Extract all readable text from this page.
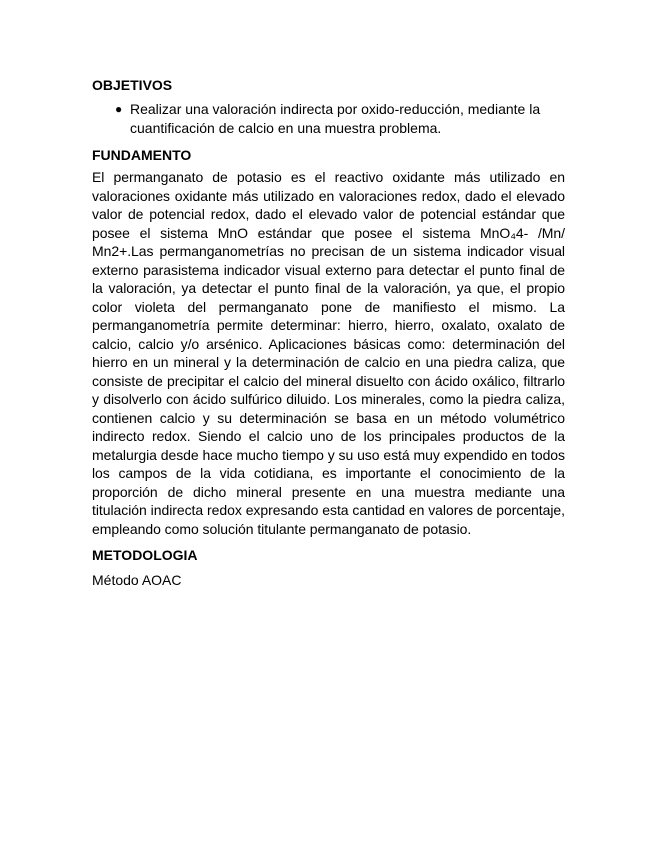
OBJETIVOS
● Realizar una valoración indirecta por oxido-reducción, mediante la cuantificación de calcio en una muestra problema.
FUNDAMENTO

El permanganato de potasio es el reactivo oxidante más utilizado en valoraciones oxidante más utilizado en valoraciones redox, dado el elevado valor de potencial redox, dado el elevado valor de potencial estándar que posee el sistema MnO estándar que posee el sistema MnO₄4- /Mn/ Mn2+.Las permanganometrías no precisan de un sistema indicador visual externo parasistema indicador visual externo para detectar el punto final de la valoración, ya detectar el punto final de la valoración, ya que, el propio color violeta del permanganato pone de manifiesto el mismo. La permanganometría permite determinar: hierro, hierro, oxalato, oxalato de calcio, calcio y/o arsénico. Aplicaciones básicas como: determinación del hierro en un mineral y la determinación de calcio en una piedra caliza, que consiste de precipitar el calcio del mineral disuelto con ácido oxálico, filtrarlo y disolverlo con ácido sulfúrico diluido. Los minerales, como la piedra caliza, contienen calcio y su determinación se basa en un método volumétrico indirecto redox. Siendo el calcio uno de los principales productos de la metalurgia desde hace mucho tiempo y su uso está muy expendido en todos los campos de la vida cotidiana, es importante el conocimiento de la proporción de dicho mineral presente en una muestra mediante una titulación indirecta redox expresando esta cantidad en valores de porcentaje, empleando como solución titulante permanganato de potasio.

METODOLOGIA

Método AOAC
